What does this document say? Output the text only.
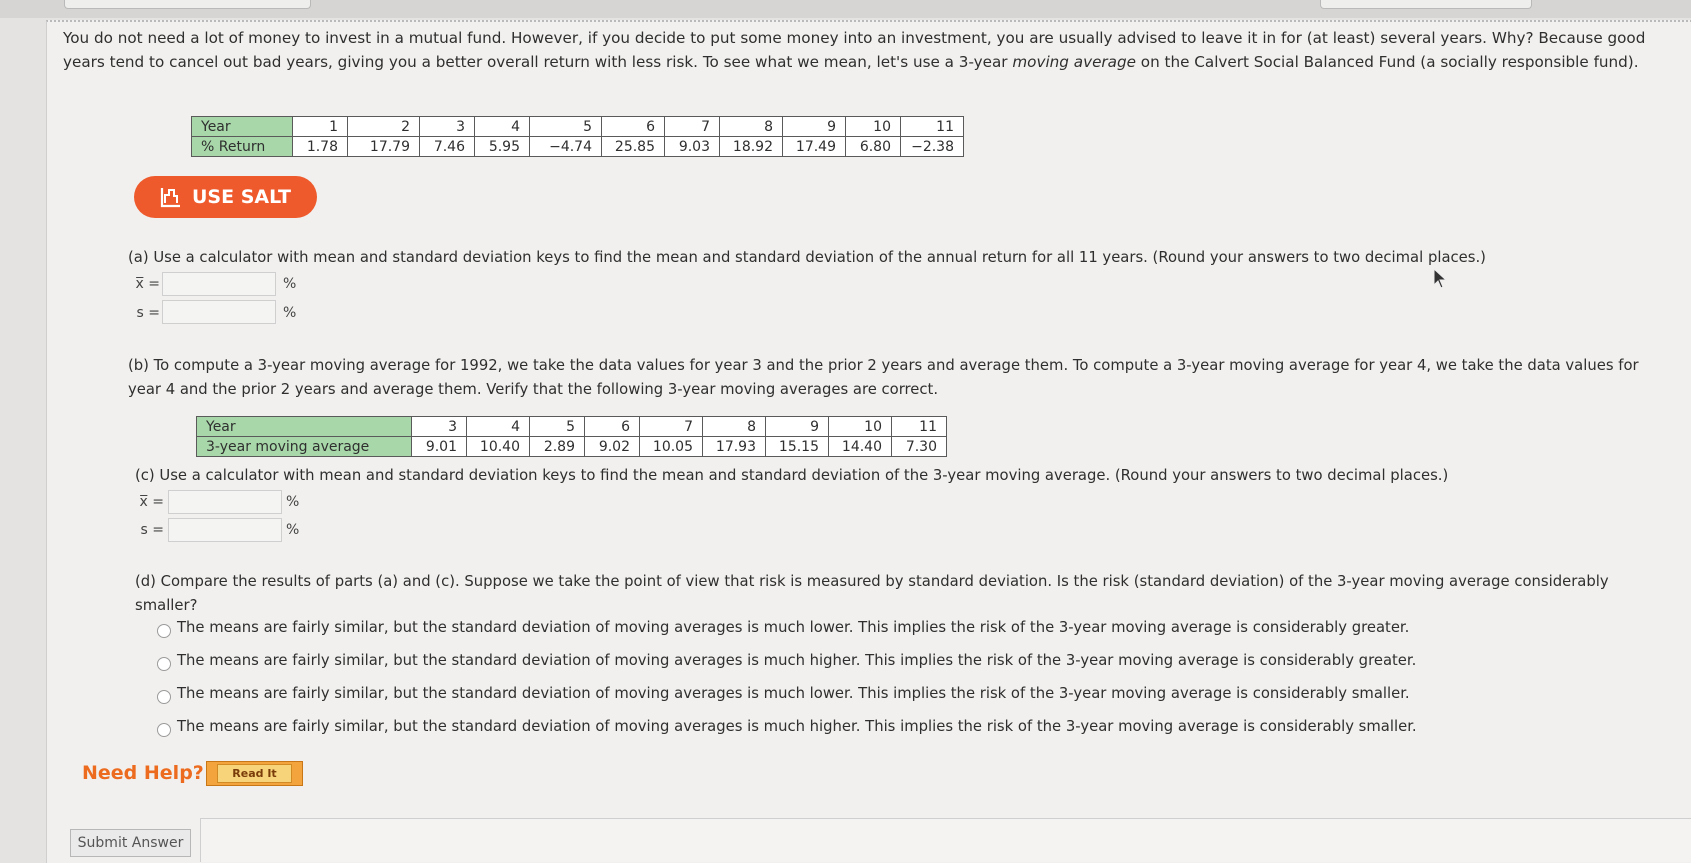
You do not need a lot of money to invest in a mutual fund. However, if you decide to put some money into an investment, you are usually advised to leave it in for (at least) several years. Why? Because good years tend to cancel out bad years, giving you a better overall return with less risk. To see what we mean, let's use a 3-year moving average on the Calvert Social Balanced Fund (a socially responsible fund).
Year	1	2	3	4	5	6	7	8	9	10	11
% Return	1.78	17.79	7.46	5.95	−4.74	25.85	9.03	18.92	17.49	6.80	−2.38
USE SALT
(a) Use a calculator with mean and standard deviation keys to find the mean and standard deviation of the annual return for all 11 years. (Round your answers to two decimal places.)
x̅ =	%
s =	%
(b) To compute a 3-year moving average for 1992, we take the data values for year 3 and the prior 2 years and average them. To compute a 3-year moving average for year 4, we take the data values for year 4 and the prior 2 years and average them. Verify that the following 3-year moving averages are correct.
Year	3	4	5	6	7	8	9	10	11
3-year moving average	9.01	10.40	2.89	9.02	10.05	17.93	15.15	14.40	7.30
(c) Use a calculator with mean and standard deviation keys to find the mean and standard deviation of the 3-year moving average. (Round your answers to two decimal places.)
x̅ =	%
s =	%
(d) Compare the results of parts (a) and (c). Suppose we take the point of view that risk is measured by standard deviation. Is the risk (standard deviation) of the 3-year moving average considerably smaller?
The means are fairly similar, but the standard deviation of moving averages is much lower. This implies the risk of the 3-year moving average is considerably greater.
The means are fairly similar, but the standard deviation of moving averages is much higher. This implies the risk of the 3-year moving average is considerably greater.
The means are fairly similar, but the standard deviation of moving averages is much lower. This implies the risk of the 3-year moving average is considerably smaller.
The means are fairly similar, but the standard deviation of moving averages is much higher. This implies the risk of the 3-year moving average is considerably smaller.
Need Help?	Read It
Submit Answer
